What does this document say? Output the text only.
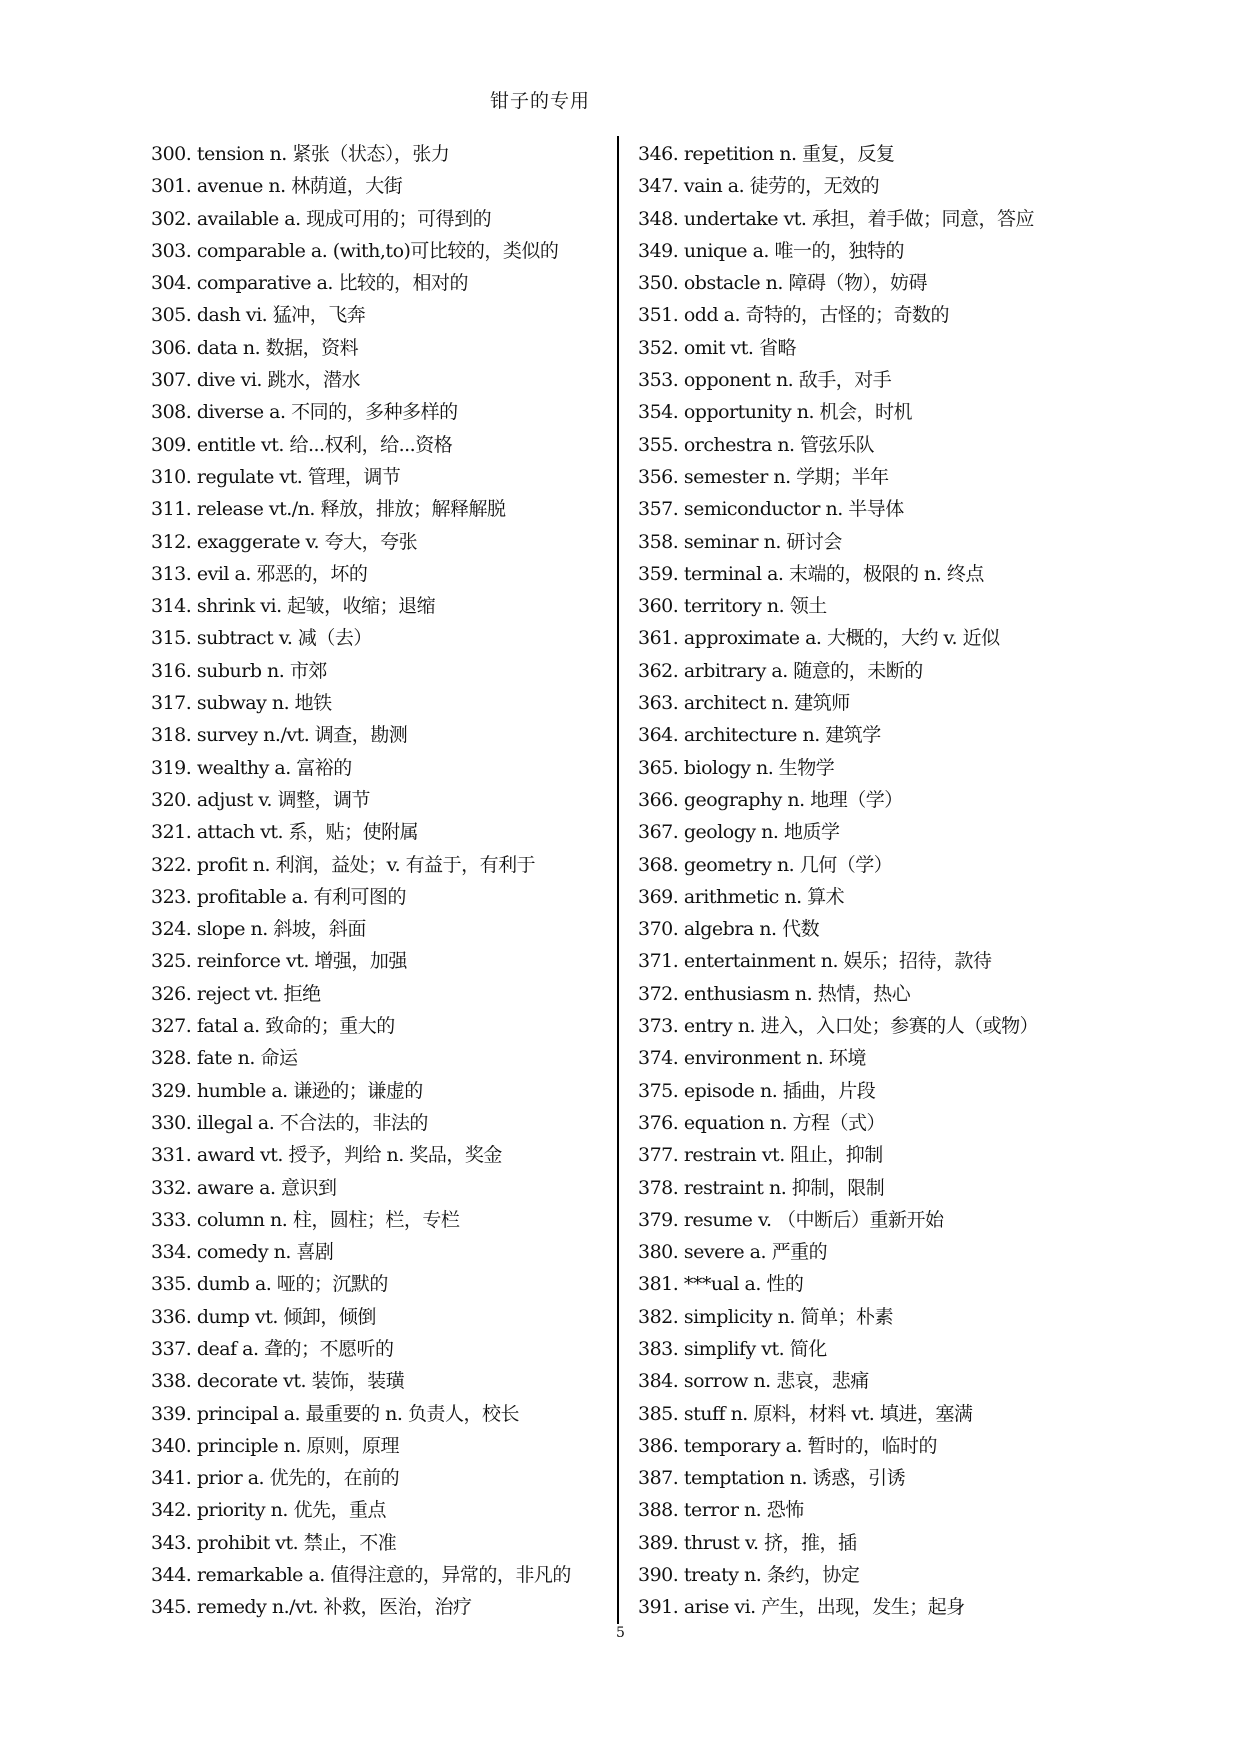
钳子的专用
300. tension n. 紧张（状态），张力
301. avenue n. 林荫道，大街
302. available a. 现成可用的；可得到的
303. comparable a. (with,to)可比较的，类似的
304. comparative a. 比较的，相对的
305. dash vi. 猛冲，飞奔
306. data n. 数据，资料
307. dive vi. 跳水，潜水
308. diverse a. 不同的，多种多样的
309. entitle vt. 给...权利，给...资格
310. regulate vt. 管理，调节
311. release vt./n. 释放，排放；解释解脱
312. exaggerate v. 夸大，夸张
313. evil a. 邪恶的，坏的
314. shrink vi. 起皱，收缩；退缩
315. subtract v. 减（去）
316. suburb n. 市郊
317. subway n. 地铁
318. survey n./vt. 调查，勘测
319. wealthy a. 富裕的
320. adjust v. 调整，调节
321. attach vt. 系，贴；使附属
322. profit n. 利润，益处；v. 有益于，有利于
323. profitable a. 有利可图的
324. slope n. 斜坡，斜面
325. reinforce vt. 增强，加强
326. reject vt. 拒绝
327. fatal a. 致命的；重大的
328. fate n. 命运
329. humble a. 谦逊的；谦虚的
330. illegal a. 不合法的，非法的
331. award vt. 授予，判给 n. 奖品，奖金
332. aware a. 意识到
333. column n. 柱，圆柱；栏，专栏
334. comedy n. 喜剧
335. dumb a. 哑的；沉默的
336. dump vt. 倾卸，倾倒
337. deaf a. 聋的；不愿听的
338. decorate vt. 装饰，装璜
339. principal a. 最重要的 n. 负责人，校长
340. principle n. 原则，原理
341. prior a. 优先的，在前的
342. priority n. 优先，重点
343. prohibit vt. 禁止，不准
344. remarkable a. 值得注意的，异常的，非凡的
345. remedy n./vt. 补救，医治，治疗
346. repetition n. 重复，反复
347. vain a. 徒劳的，无效的
348. undertake vt. 承担，着手做；同意，答应
349. unique a. 唯一的，独特的
350. obstacle n. 障碍（物），妨碍
351. odd a. 奇特的，古怪的；奇数的
352. omit vt. 省略
353. opponent n. 敌手，对手
354. opportunity n. 机会，时机
355. orchestra n. 管弦乐队
356. semester n. 学期；半年
357. semiconductor n. 半导体
358. seminar n. 研讨会
359. terminal a. 末端的，极限的 n. 终点
360. territory n. 领土
361. approximate a. 大概的，大约 v. 近似
362. arbitrary a. 随意的，未断的
363. architect n. 建筑师
364. architecture n. 建筑学
365. biology n. 生物学
366. geography n. 地理（学）
367. geology n. 地质学
368. geometry n. 几何（学）
369. arithmetic n. 算术
370. algebra n. 代数
371. entertainment n. 娱乐；招待，款待
372. enthusiasm n. 热情，热心
373. entry n. 进入，入口处；参赛的人（或物）
374. environment n. 环境
375. episode n. 插曲，片段
376. equation n. 方程（式）
377. restrain vt. 阻止，抑制
378. restraint n. 抑制，限制
379. resume v. （中断后）重新开始
380. severe a. 严重的
381. ***ual a. 性的
382. simplicity n. 简单；朴素
383. simplify vt. 简化
384. sorrow n. 悲哀，悲痛
385. stuff n. 原料，材料 vt. 填进，塞满
386. temporary a. 暂时的，临时的
387. temptation n. 诱惑，引诱
388. terror n. 恐怖
389. thrust v. 挤，推，插
390. treaty n. 条约，协定
391. arise vi. 产生，出现，发生；起身
5
